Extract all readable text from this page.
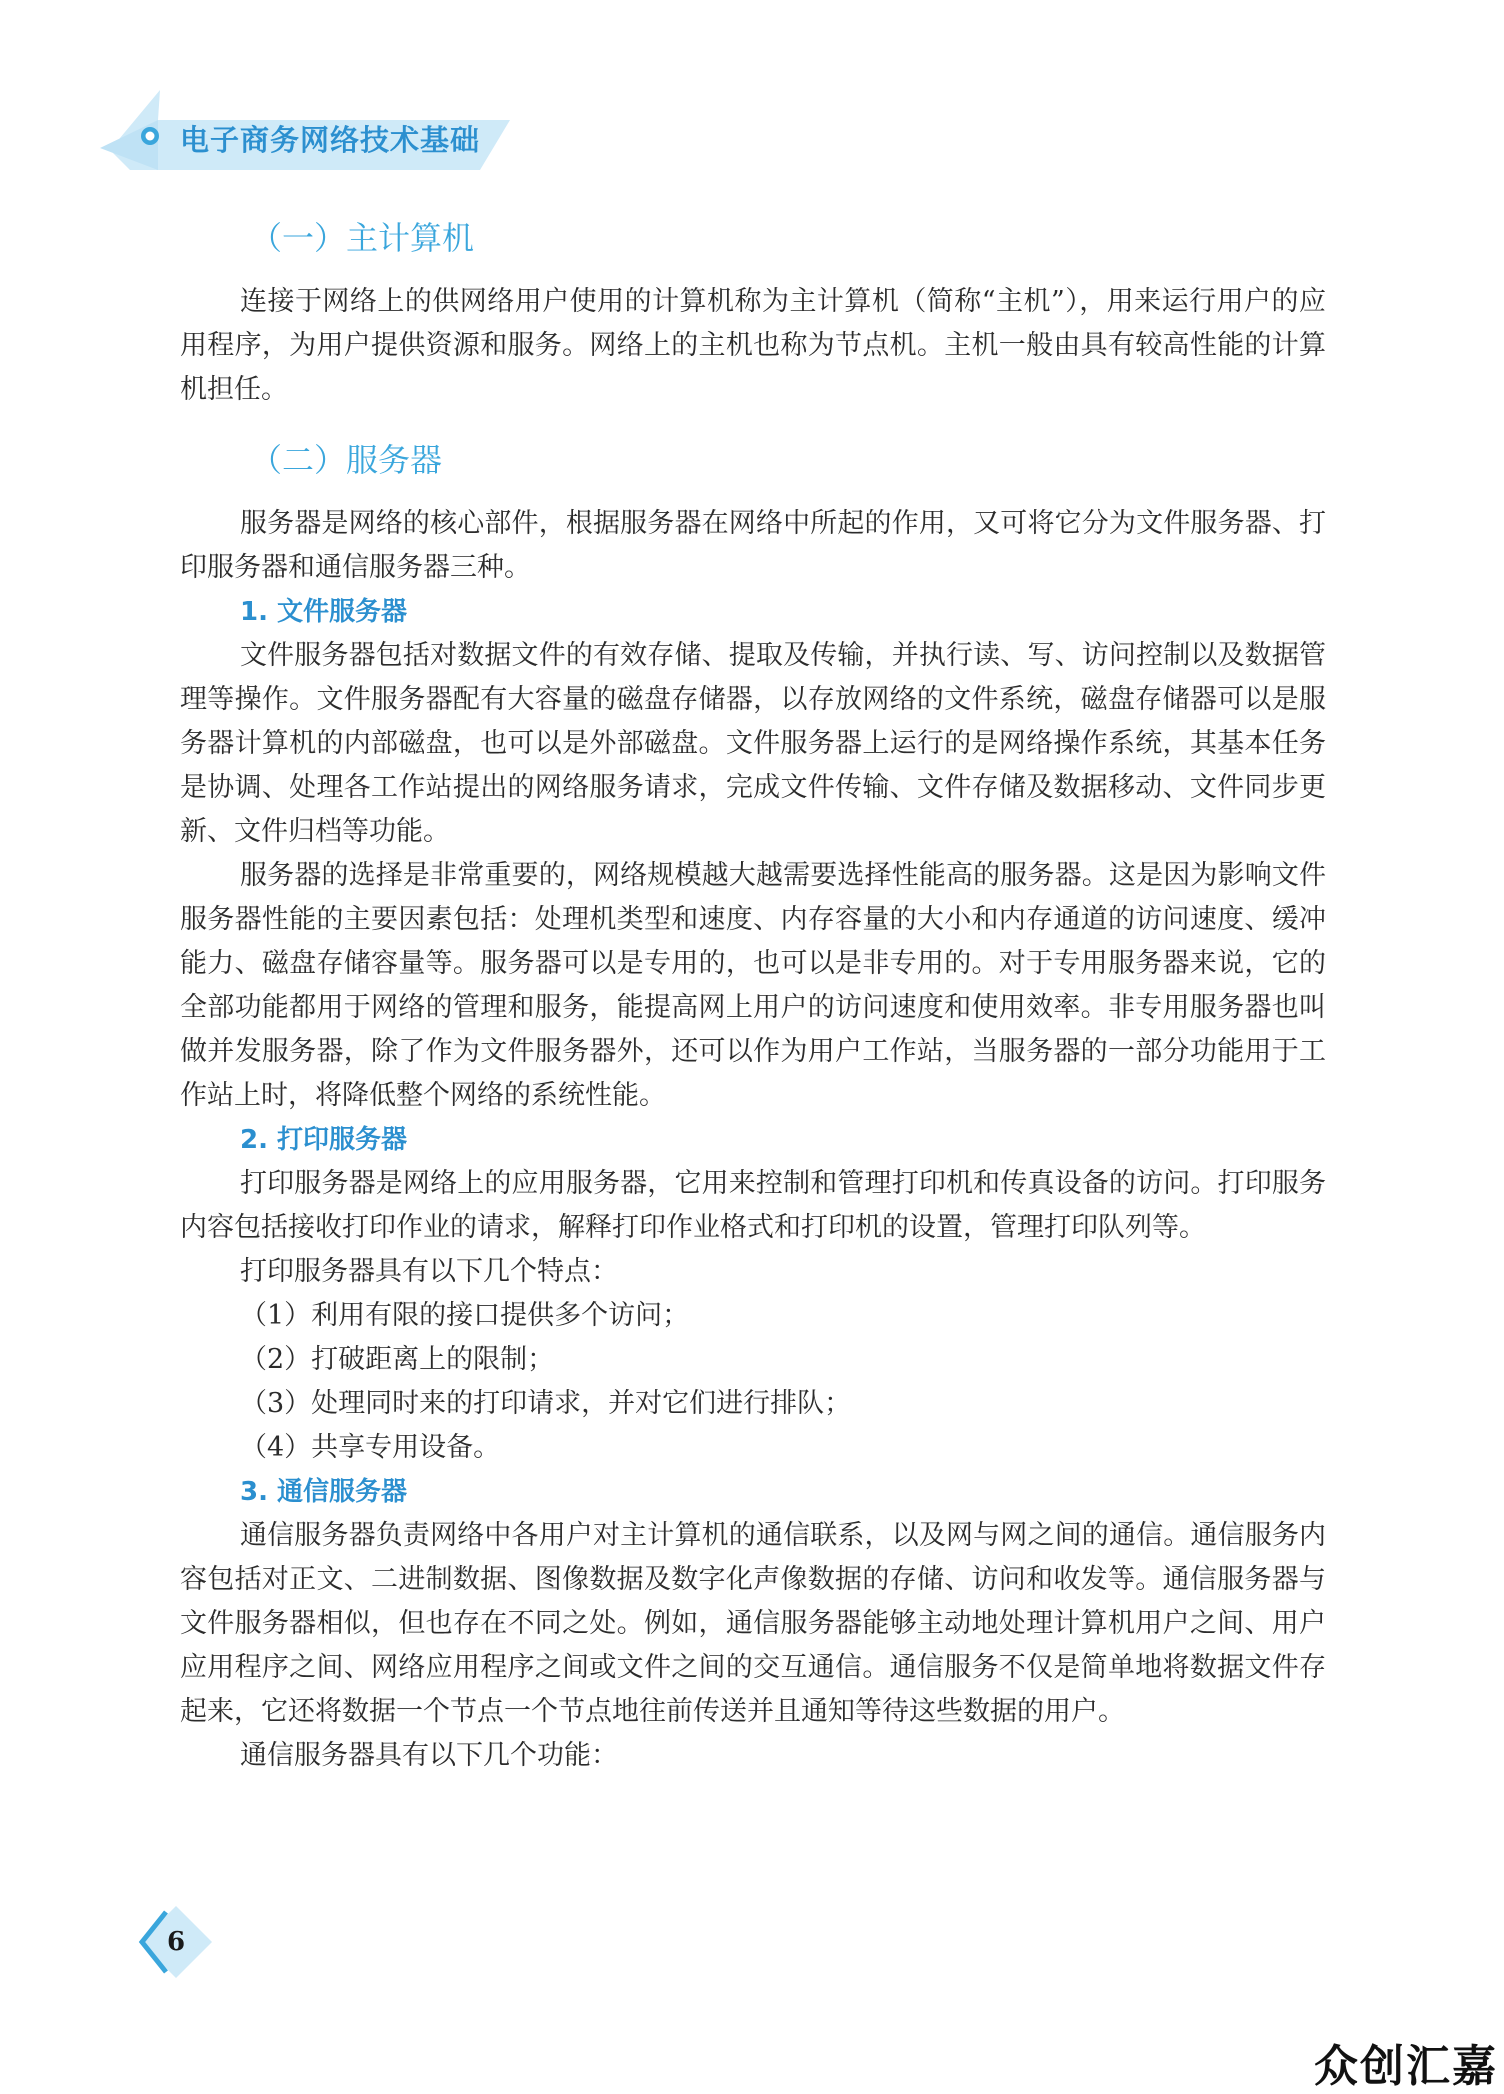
电子商务网络技术基础
（一）主计算机

连接于网络上的供网络用户使用的计算机称为主计算机（简称“主机”），用来运行用户的应用程序，为用户提供资源和服务。网络上的主机也称为节点机。主机一般由具有较高性能的计算机担任。

（二）服务器

服务器是网络的核心部件，根据服务器在网络中所起的作用，又可将它分为文件服务器、打印服务器和通信服务器三种。

1. 文件服务器

文件服务器包括对数据文件的有效存储、提取及传输，并执行读、写、访问控制以及数据管理等操作。文件服务器配有大容量的磁盘存储器，以存放网络的文件系统，磁盘存储器可以是服务器计算机的内部磁盘，也可以是外部磁盘。文件服务器上运行的是网络操作系统，其基本任务是协调、处理各工作站提出的网络服务请求，完成文件传输、文件存储及数据移动、文件同步更新、文件归档等功能。

服务器的选择是非常重要的，网络规模越大越需要选择性能高的服务器。这是因为影响文件服务器性能的主要因素包括：处理机类型和速度、内存容量的大小和内存通道的访问速度、缓冲能力、磁盘存储容量等。服务器可以是专用的，也可以是非专用的。对于专用服务器来说，它的全部功能都用于网络的管理和服务，能提高网上用户的访问速度和使用效率。非专用服务器也叫做并发服务器，除了作为文件服务器外，还可以作为用户工作站，当服务器的一部分功能用于工作站上时，将降低整个网络的系统性能。

2. 打印服务器

打印服务器是网络上的应用服务器，它用来控制和管理打印机和传真设备的访问。打印服务内容包括接收打印作业的请求，解释打印作业格式和打印机的设置，管理打印队列等。

打印服务器具有以下几个特点：

（1）利用有限的接口提供多个访问；
（2）打破距离上的限制；
（3）处理同时来的打印请求，并对它们进行排队；
（4）共享专用设备。
3. 通信服务器

通信服务器负责网络中各用户对主计算机的通信联系，以及网与网之间的通信。通信服务内容包括对正文、二进制数据、图像数据及数字化声像数据的存储、访问和收发等。通信服务器与文件服务器相似，但也存在不同之处。例如，通信服务器能够主动地处理计算机用户之间、用户应用程序之间、网络应用程序之间或文件之间的交互通信。通信服务不仅是简单地将数据文件存起来，它还将数据一个节点一个节点地往前传送并且通知等待这些数据的用户。

通信服务器具有以下几个功能：

6
众创汇嘉
